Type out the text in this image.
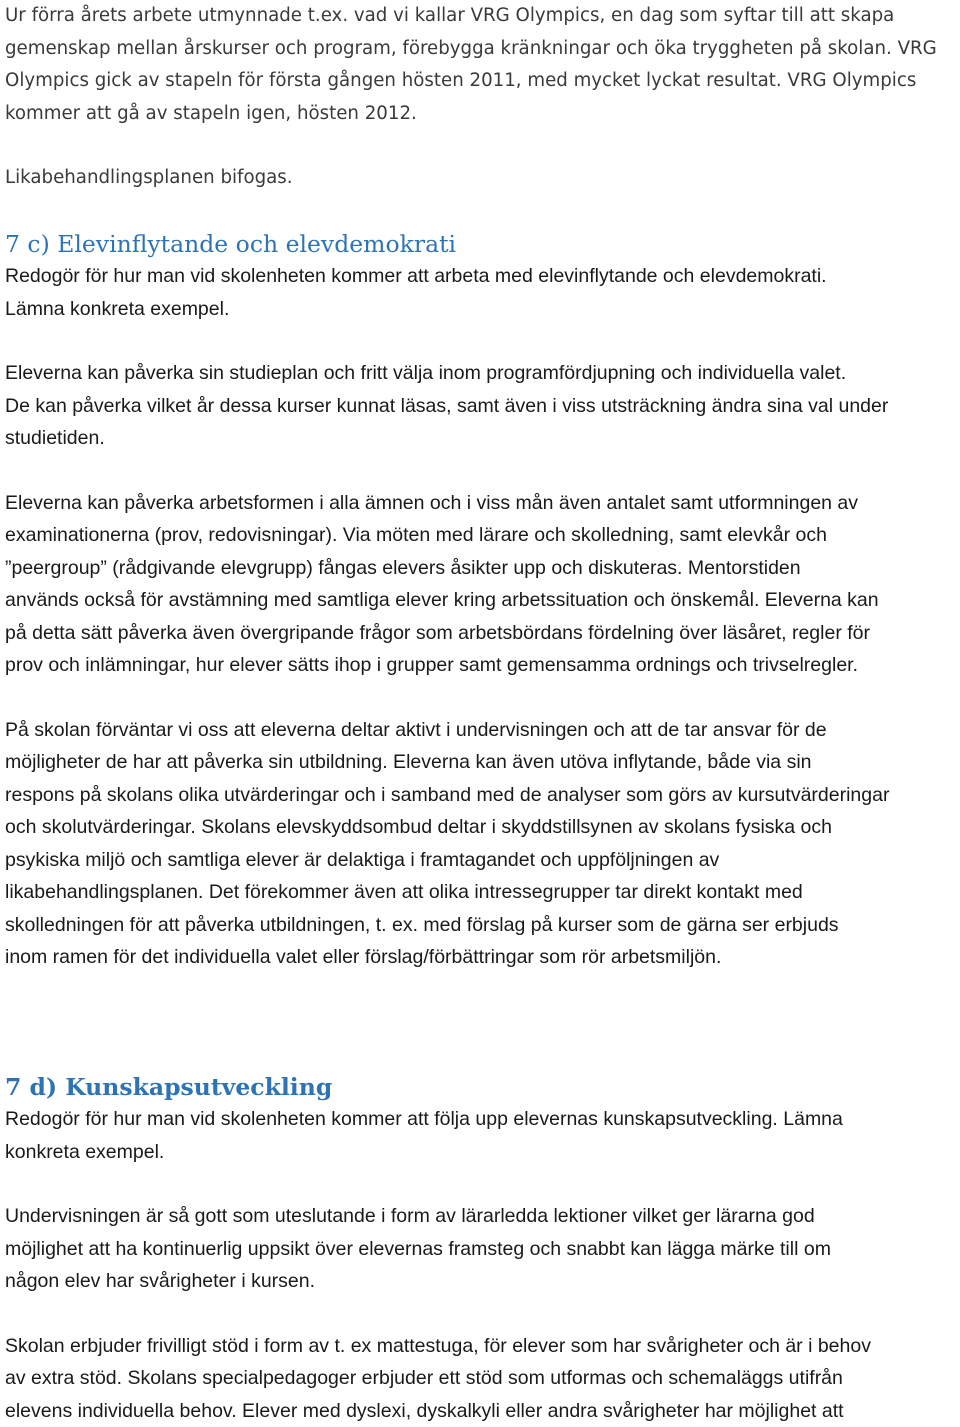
Ur förra årets arbete utmynnade t.ex. vad vi kallar VRG Olympics, en dag som syftar till att skapa
gemenskap mellan årskurser och program, förebygga kränkningar och öka tryggheten på skolan. VRG
Olympics gick av stapeln för första gången hösten 2011, med mycket lyckat resultat. VRG Olympics
kommer att gå av stapeln igen, hösten 2012.
Likabehandlingsplanen bifogas.
7 c) Elevinflytande och elevdemokrati
Redogör för hur man vid skolenheten kommer att arbeta med elevinflytande och elevdemokrati.
Lämna konkreta exempel.
Eleverna kan påverka sin studieplan och fritt välja inom programfördjupning och individuella valet.
De kan påverka vilket år dessa kurser kunnat läsas, samt även i viss utsträckning ändra sina val under
studietiden.
Eleverna kan påverka arbetsformen i alla ämnen och i viss mån även antalet samt utformningen av
examinationerna (prov, redovisningar). Via möten med lärare och skolledning, samt elevkår och
”peergroup” (rådgivande elevgrupp) fångas elevers åsikter upp och diskuteras. Mentorstiden
används också för avstämning med samtliga elever kring arbetssituation och önskemål. Eleverna kan
på detta sätt påverka även övergripande frågor som arbetsbördans fördelning över läsåret, regler för
prov och inlämningar, hur elever sätts ihop i grupper samt gemensamma ordnings och trivselregler.
På skolan förväntar vi oss att eleverna deltar aktivt i undervisningen och att de tar ansvar för de
möjligheter de har att påverka sin utbildning. Eleverna kan även utöva inflytande, både via sin
respons på skolans olika utvärderingar och i samband med de analyser som görs av kursutvärderingar
och skolutvärderingar. Skolans elevskyddsombud deltar i skyddstillsynen av skolans fysiska och
psykiska miljö och samtliga elever är delaktiga i framtagandet och uppföljningen av
likabehandlingsplanen. Det förekommer även att olika intressegrupper tar direkt kontakt med
skolledningen för att påverka utbildningen, t. ex. med förslag på kurser som de gärna ser erbjuds
inom ramen för det individuella valet eller förslag/förbättringar som rör arbetsmiljön.
7 d) Kunskapsutveckling
Redogör för hur man vid skolenheten kommer att följa upp elevernas kunskapsutveckling. Lämna
konkreta exempel.
Undervisningen är så gott som uteslutande i form av lärarledda lektioner vilket ger lärarna god
möjlighet att ha kontinuerlig uppsikt över elevernas framsteg och snabbt kan lägga märke till om
någon elev har svårigheter i kursen.
Skolan erbjuder frivilligt stöd i form av t. ex mattestuga, för elever som har svårigheter och är i behov
av extra stöd. Skolans specialpedagoger erbjuder ett stöd som utformas och schemaläggs utifrån
elevens individuella behov. Elever med dyslexi, dyskalkyli eller andra svårigheter har möjlighet att
